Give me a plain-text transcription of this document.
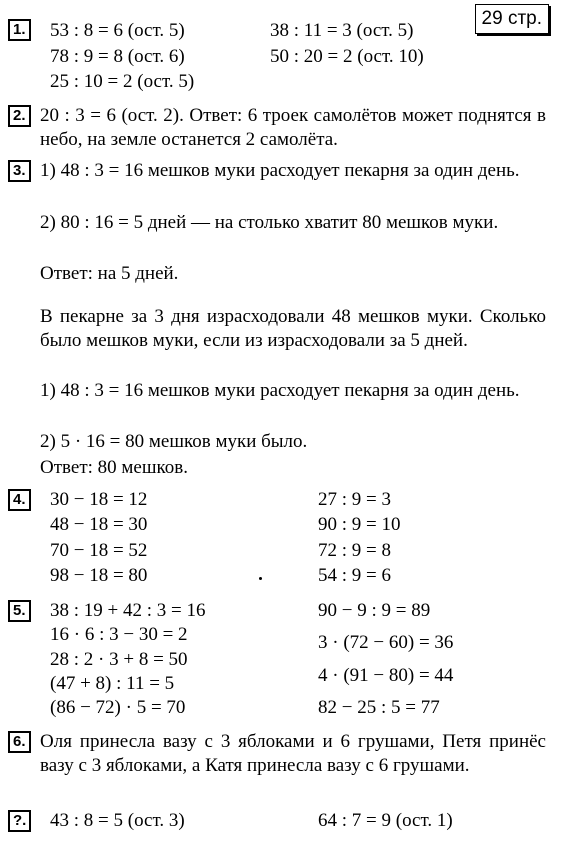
29 стр.
1. 53 : 8 = 6 (ост. 5)
78 : 9 = 8 (ост. 6)
25 : 10 = 2 (ост. 5)
38 : 11 = 3 (ост. 5)
50 : 20 = 2 (ост. 10)
2. 20 : 3 = 6 (ост. 2). Ответ: 6 троек самолётов может поднятся в небо, на земле останется 2 самолёта.
3. 1) 48 : 3 = 16 мешков муки расходует пекарня за один день.
2) 80 : 16 = 5 дней — на столько хватит 80 мешков муки.
Ответ: на 5 дней.
В пекарне за 3 дня израсходовали 48 мешков муки. Сколько было мешков муки, если из израсходовали за 5 дней.
1) 48 : 3 = 16 мешков муки расходует пекарня за один день.
2) 5 · 16 = 80 мешков муки было.
Ответ: 80 мешков.
4. 30 − 18 = 12
48 − 18 = 30
70 − 18 = 52
98 − 18 = 80
27 : 9 = 3
90 : 9 = 10
72 : 9 = 8
54 : 9 = 6
5. 38 : 19 + 42 : 3 = 16
16 · 6 : 3 − 30 = 2
28 : 2 · 3 + 8 = 50
(47 + 8) : 11 = 5
(86 − 72) · 5 = 70
90 − 9 : 9 = 89
3 · (72 − 60) = 36
4 · (91 − 80) = 44
82 − 25 : 5 = 77
6. Оля принесла вазу с 3 яблоками и 6 грушами, Петя принёс вазу с 3 яблоками, а Катя принесла вазу с 6 грушами.
?. 43 : 8 = 5 (ост. 3)	64 : 7 = 9 (ост. 1)
